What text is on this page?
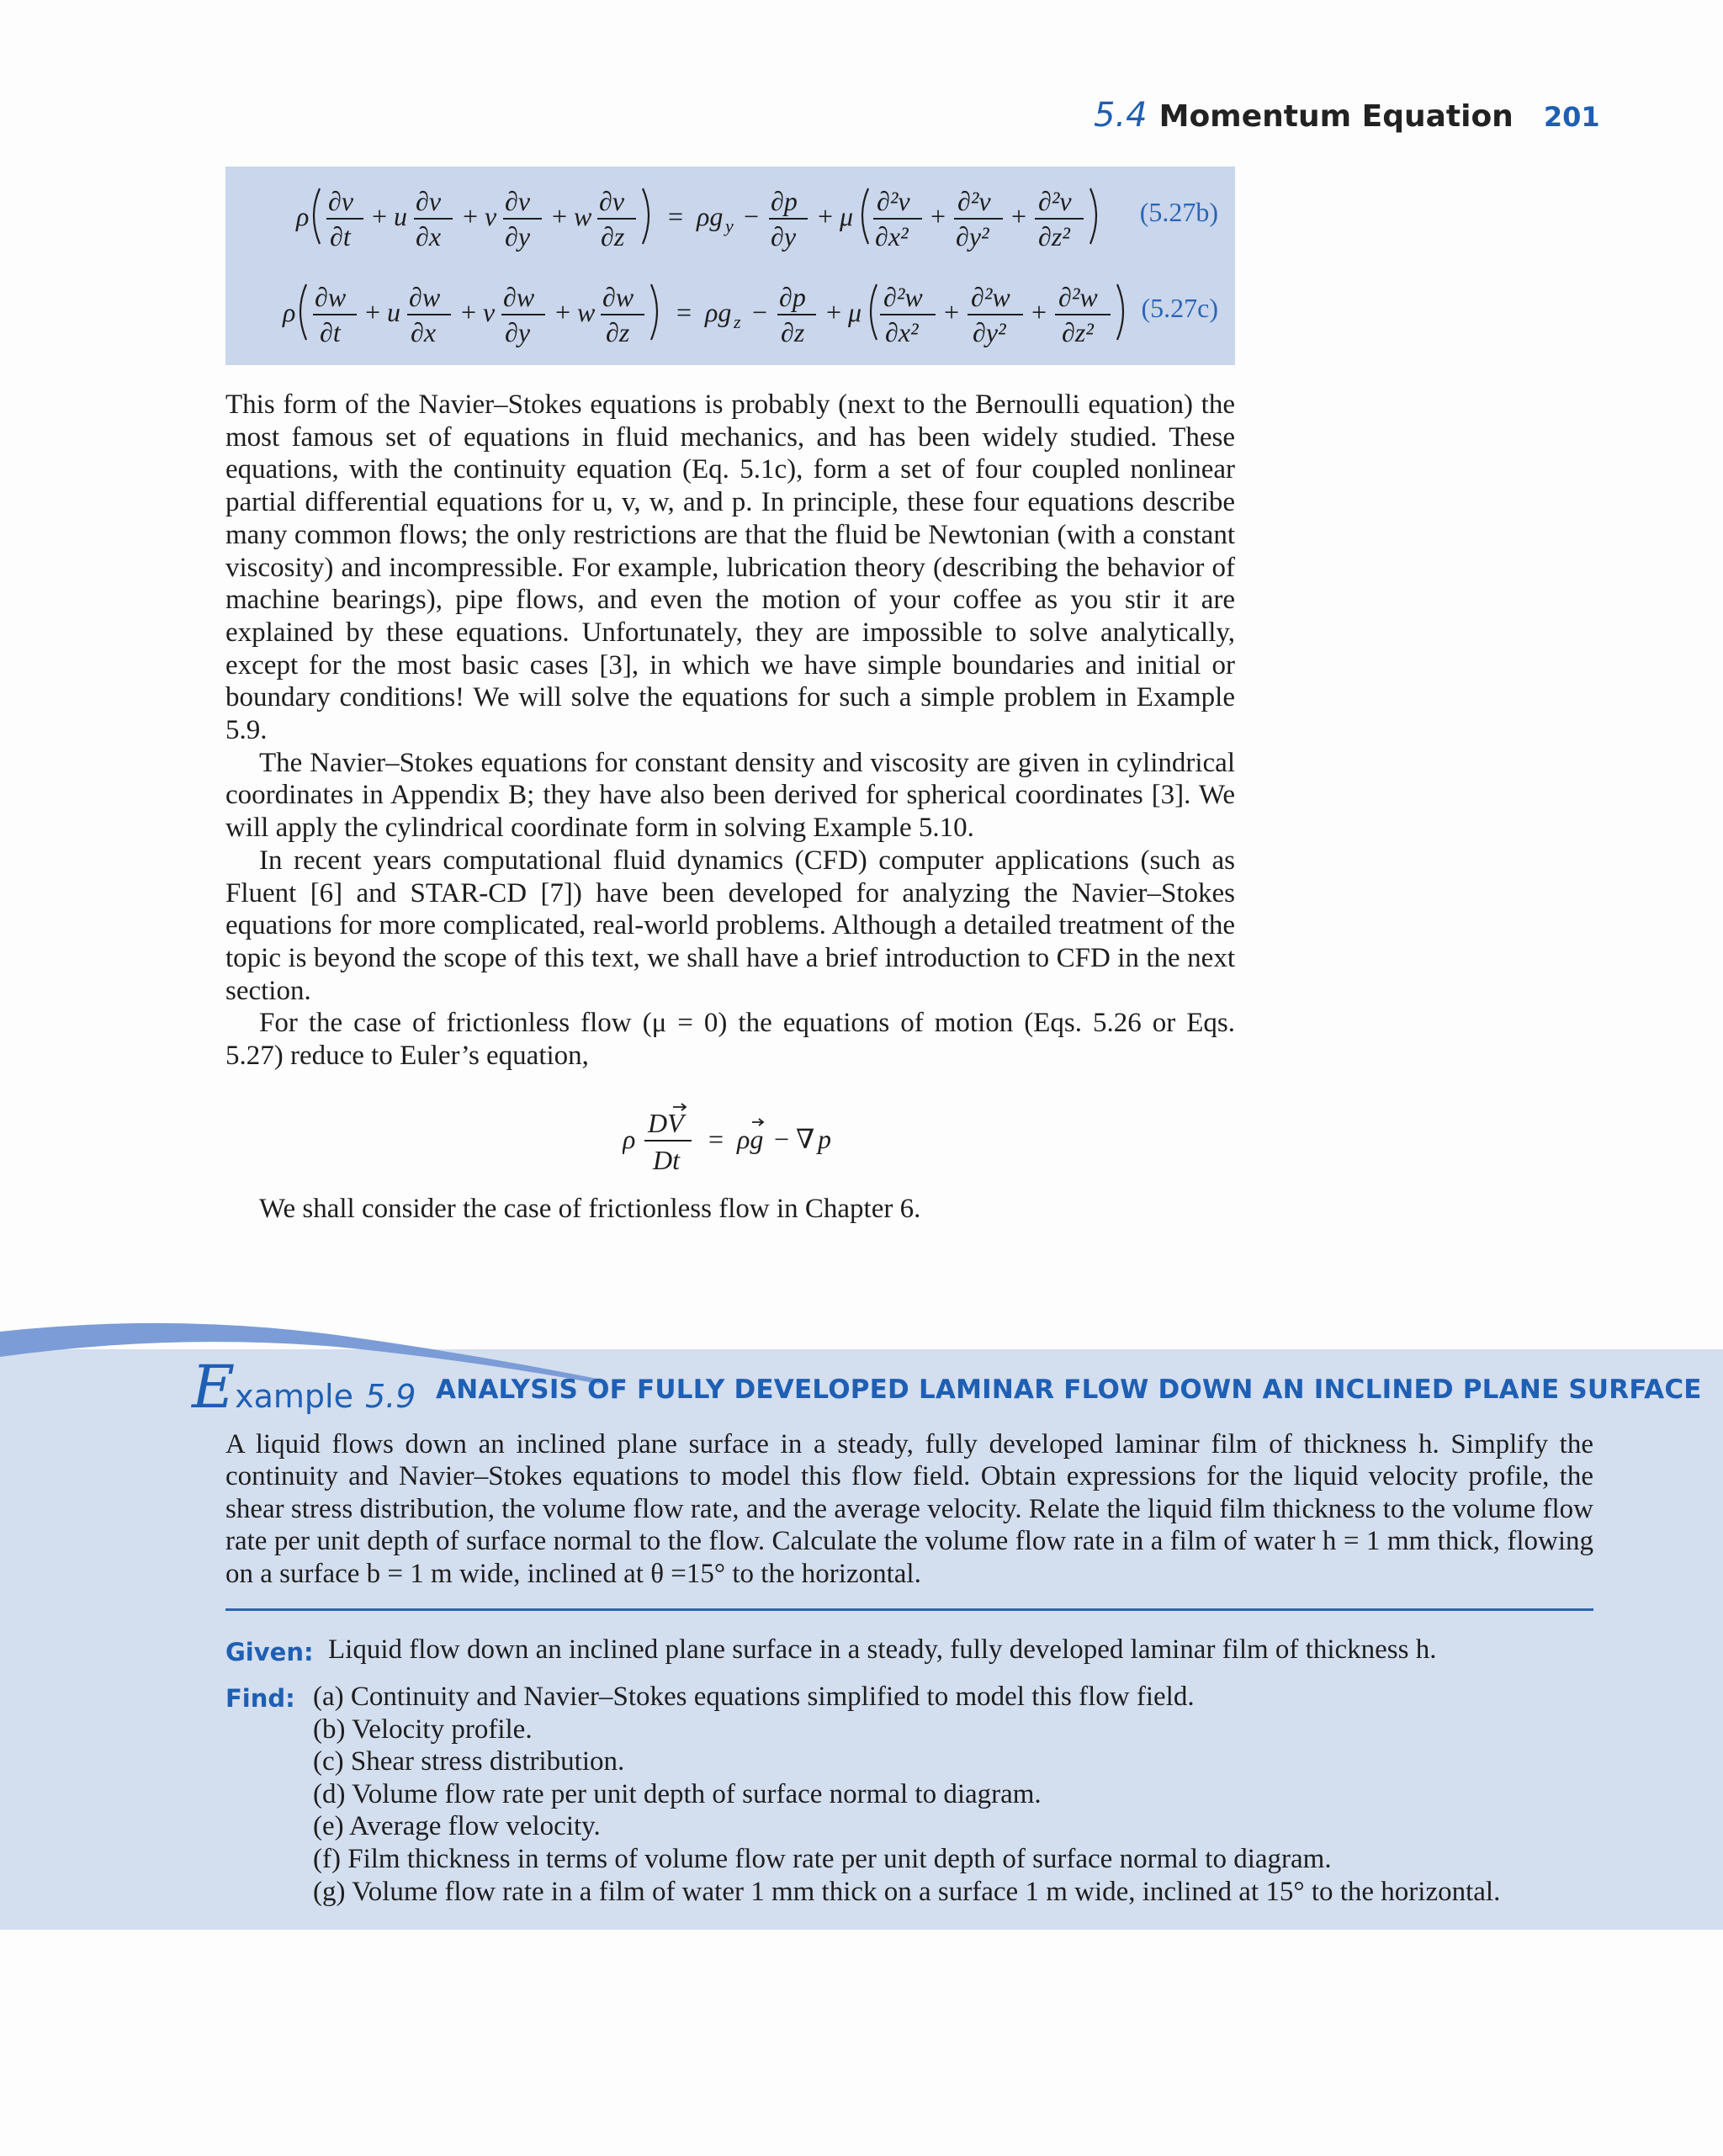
5.4 Momentum Equation 201
ρ ∂v
∂t
+ u ∂v
∂x
+ v ∂v
∂y
+ w ∂v
∂z
= ρg y − ∂p
∂y
+ μ ∂²v
∂x²
+ ∂²v
∂y²
+ ∂²v
∂z²
(5.27b)
ρ ∂w
∂t
+ u ∂w
∂x
+ v ∂w
∂y
+ w ∂w
∂z
= ρg z − ∂p
∂z
+ μ ∂²w
∂x²
+ ∂²w
∂y²
+ ∂²w
∂z²
(5.27c)

This form of the Navier–Stokes equations is probably (next to the Bernoulli equation) the most famous set of equations in fluid mechanics, and has been widely studied. These equations, with the continuity equation (Eq. 5.1c), form a set of four coupled nonlinear partial differential equations for u, v, w, and p. In principle, these four equations describe many common flows; the only restrictions are that the fluid be Newtonian (with a constant viscosity) and incompressible. For example, lubrication theory (describing the behavior of machine bearings), pipe flows, and even the motion of your coffee as you stir it are explained by these equations. Unfortunately, they are impossible to solve analytically, except for the most basic cases [3], in which we have simple boundaries and initial or boundary conditions! We will solve the equations for such a simple problem in Example 5.9.

The Navier–Stokes equations for constant density and viscosity are given in cylindrical coordinates in Appendix B; they have also been derived for spherical coordinates [3]. We will apply the cylindrical coordinate form in solving Example 5.10.

In recent years computational fluid dynamics (CFD) computer applications (such as Fluent [6] and STAR-CD [7]) have been developed for analyzing the Navier–Stokes equations for more complicated, real-world problems. Although a detailed treatment of the topic is beyond the scope of this text, we shall have a brief introduction to CFD in the next section.

For the case of frictionless flow (μ = 0) the equations of motion (Eqs. 5.26 or Eqs. 5.27) reduce to Euler’s equation,

ρ
DV
Dt
= ρg − ∇ p
We shall consider the case of frictionless flow in Chapter 6.
Example 5.9 ANALYSIS OF FULLY DEVELOPED LAMINAR FLOW DOWN AN INCLINED PLANE SURFACE
A liquid flows down an inclined plane surface in a steady, fully developed laminar film of thickness h. Simplify the continuity and Navier–Stokes equations to model this flow field. Obtain expressions for the liquid velocity profile, the shear stress distribution, the volume flow rate, and the average velocity. Relate the liquid film thickness to the volume flow rate per unit depth of surface normal to the flow. Calculate the volume flow rate in a film of water h = 1 mm thick, flowing on a surface b = 1 m wide, inclined at θ =15° to the horizontal.
Given: Liquid flow down an inclined plane surface in a steady, fully developed laminar film of thickness h.
Find: (a) Continuity and Navier–Stokes equations simplified to model this flow field.
(b) Velocity profile.
(c) Shear stress distribution.
(d) Volume flow rate per unit depth of surface normal to diagram.
(e) Average flow velocity.
(f) Film thickness in terms of volume flow rate per unit depth of surface normal to diagram.
(g) Volume flow rate in a film of water 1 mm thick on a surface 1 m wide, inclined at 15° to the horizontal.
